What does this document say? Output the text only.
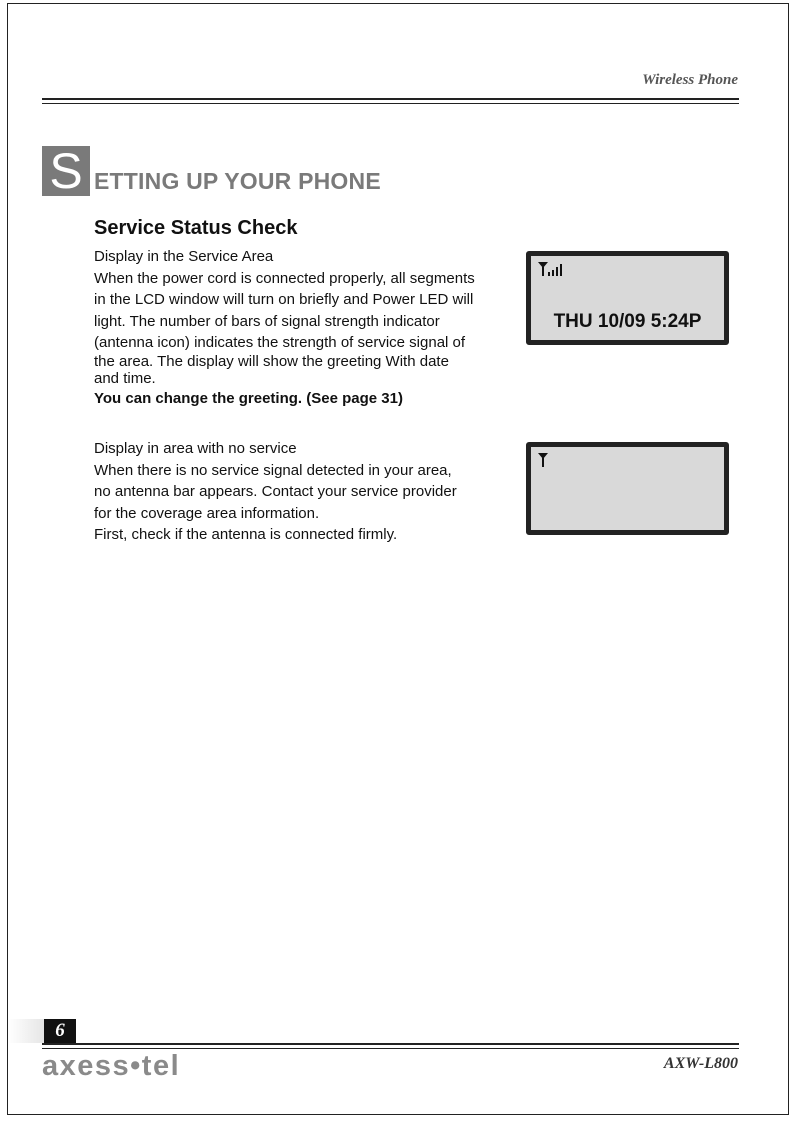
Wireless Phone
S ETTING UP YOUR PHONE
Service Status Check

Display in the Service Area

When the power cord is connected properly, all segments

in the LCD window will turn on briefly and Power LED will

light. The number of bars of signal strength indicator

(antenna icon) indicates the strength of service signal of

the area. The display will show the greeting With date

and time.

You can change the greeting. (See page 31)

THU 10/09 5:24P

Display in area with no service

When there is no service signal detected in your area,

no antenna bar appears. Contact your service provider

for the coverage area information.

First, check if the antenna is connected firmly.

6
axess•tel	AXW-L800
